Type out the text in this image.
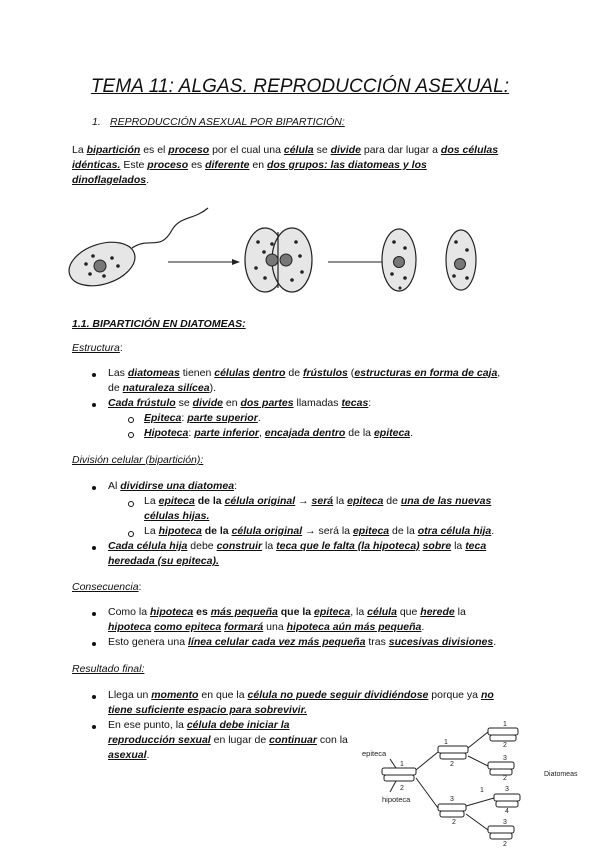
TEMA 11: ALGAS. REPRODUCCIÓN ASEXUAL:
1. REPRODUCCIÓN ASEXUAL POR BIPARTICIÓN:
La bipartición es el proceso por el cual una célula se divide para dar lugar a dos células
idénticas. Este proceso es diferente en dos grupos: las diatomeas y los
dinoflagelados.
1.1. BIPARTICIÓN EN DIATOMEAS:
Estructura:
Las diatomeas tienen células dentro de frústulos (estructuras en forma de caja,
de naturaleza silícea).
Cada frústulo se divide en dos partes llamadas tecas:
Epiteca: parte superior.
Hipoteca: parte inferior, encajada dentro de la epiteca.
División celular (bipartición):
Al dividirse una diatomea:
La epiteca de la célula original → será la epiteca de una de las nuevas
células hijas.
La hipoteca de la célula original → será la epiteca de la otra célula hija.
Cada célula hija debe construir la teca que le falta (la hipoteca) sobre la teca
heredada (su epiteca).
Consecuencia:
Como la hipoteca es más pequeña que la epiteca, la célula que herede la
hipoteca como epiteca formará una hipoteca aún más pequeña.
Esto genera una línea celular cada vez más pequeña tras sucesivas divisiones.
Resultado final:
Llega un momento en que la célula no puede seguir dividiéndose porque ya no
tiene suficiente espacio para sobrevivir.
En ese punto, la célula debe iniciar la
reproducción sexual en lugar de continuar con la
asexual.	epiteca
hipoteca
Diatomeas
1
2
1
2
1
2
3
2
3
2
3
4
1
3
2
